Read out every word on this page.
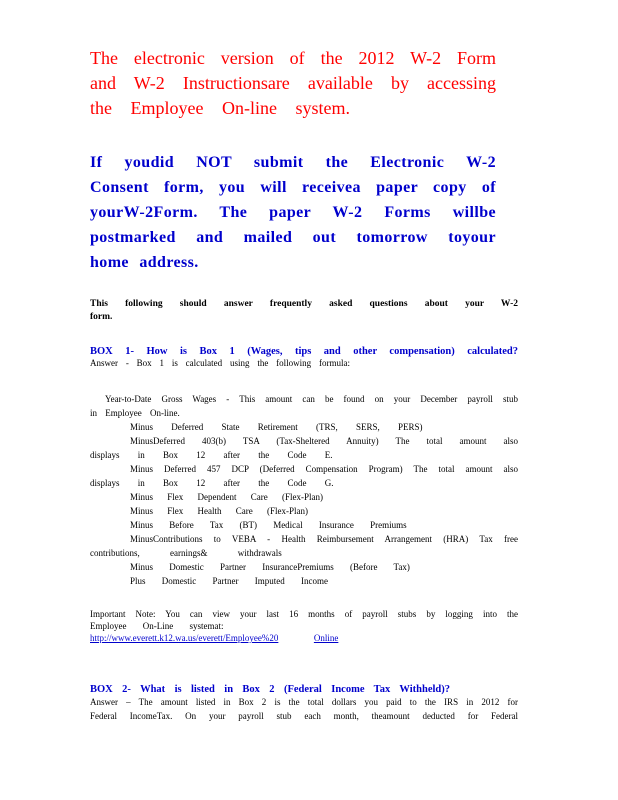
The electronic version of the 2012 W-2 Form
and W-2 Instructionsare available by accessing
the Employee On-line system.
If youdid NOT submit the Electronic W-2
Consent form, you will receivea paper copy of
yourW-2Form. The paper W-2 Forms willbe
postmarked and mailed out tomorrow toyour
home address.
This following should answer frequently asked questions about your W-2
form.
BOX 1- How is Box 1 (Wages, tips and other compensation) calculated?
Answer - Box 1 is calculated using the following formula:
Year-to-Date Gross Wages - This amount can be found on your December payroll stub
in Employee On-line.
Minus Deferred State Retirement (TRS, SERS, PERS)
MinusDeferred 403(b) TSA (Tax-Sheltered Annuity) The total amount also
displays in Box 12 after the Code E.
Minus Deferred 457 DCP (Deferred Compensation Program) The total amount also
displays in Box 12 after the Code G.
Minus Flex Dependent Care (Flex-Plan)
Minus Flex Health Care (Flex-Plan)
Minus Before Tax (BT) Medical Insurance Premiums
MinusContributions to VEBA - Health Reimbursement Arrangement (HRA) Tax free
contributions, earnings& withdrawals
Minus Domestic Partner InsurancePremiums (Before Tax)
Plus Domestic Partner Imputed Income
Important Note: You can view your last 16 months of payroll stubs by logging into the
Employee On-Line systemat:
http://www.everett.k12.wa.us/everett/Employee%20	Online
BOX 2- What is listed in Box 2 (Federal Income Tax Withheld)?
Answer – The amount listed in Box 2 is the total dollars you paid to the IRS in 2012 for
Federal IncomeTax. On your payroll stub each month, theamount deducted for Federal
